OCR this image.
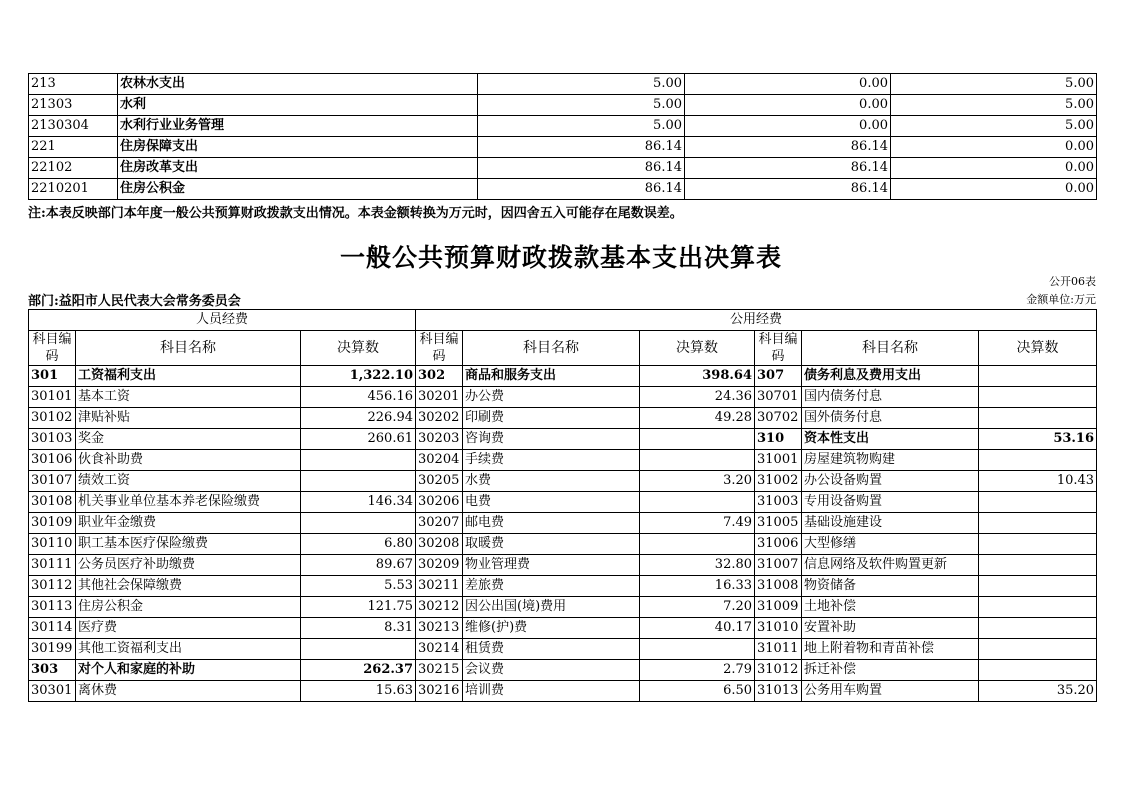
213	农林水支出	5.00	0.00	5.00
21303	水利	5.00	0.00	5.00
2130304	水利行业业务管理	5.00	0.00	5.00
221	住房保障支出	86.14	86.14	0.00
22102	住房改革支出	86.14	86.14	0.00
2210201	住房公积金	86.14	86.14	0.00
注:本表反映部门本年度一般公共预算财政拨款支出情况。本表金额转换为万元时，因四舍五入可能存在尾数误差。
一般公共预算财政拨款基本支出决算表
公开06表
部门:益阳市人民代表大会常务委员会	金额单位:万元
人员经费			公用经费					
科目编码	科目名称	决算数	科目编码	科目名称	决算数	科目编码	科目名称	决算数
301	工资福利支出	1,322.10	302	商品和服务支出	398.64	307	债务利息及费用支出	
30101	基本工资	456.16	30201	办公费	24.36	30701	国内债务付息	
30102	津贴补贴	226.94	30202	印刷费	49.28	30702	国外债务付息	
30103	奖金	260.61	30203	咨询费		310	资本性支出	53.16
30106	伙食补助费		30204	手续费		31001	房屋建筑物购建	
30107	绩效工资		30205	水费	3.20	31002	办公设备购置	10.43
30108	机关事业单位基本养老保险缴费	146.34	30206	电费		31003	专用设备购置	
30109	职业年金缴费		30207	邮电费	7.49	31005	基础设施建设	
30110	职工基本医疗保险缴费	6.80	30208	取暖费		31006	大型修缮	
30111	公务员医疗补助缴费	89.67	30209	物业管理费	32.80	31007	信息网络及软件购置更新	
30112	其他社会保障缴费	5.53	30211	差旅费	16.33	31008	物资储备	
30113	住房公积金	121.75	30212	因公出国(境)费用	7.20	31009	土地补偿	
30114	医疗费	8.31	30213	维修(护)费	40.17	31010	安置补助	
30199	其他工资福利支出		30214	租赁费		31011	地上附着物和青苗补偿	
303	对个人和家庭的补助	262.37	30215	会议费	2.79	31012	拆迁补偿	
30301	离休费	15.63	30216	培训费	6.50	31013	公务用车购置	35.20
